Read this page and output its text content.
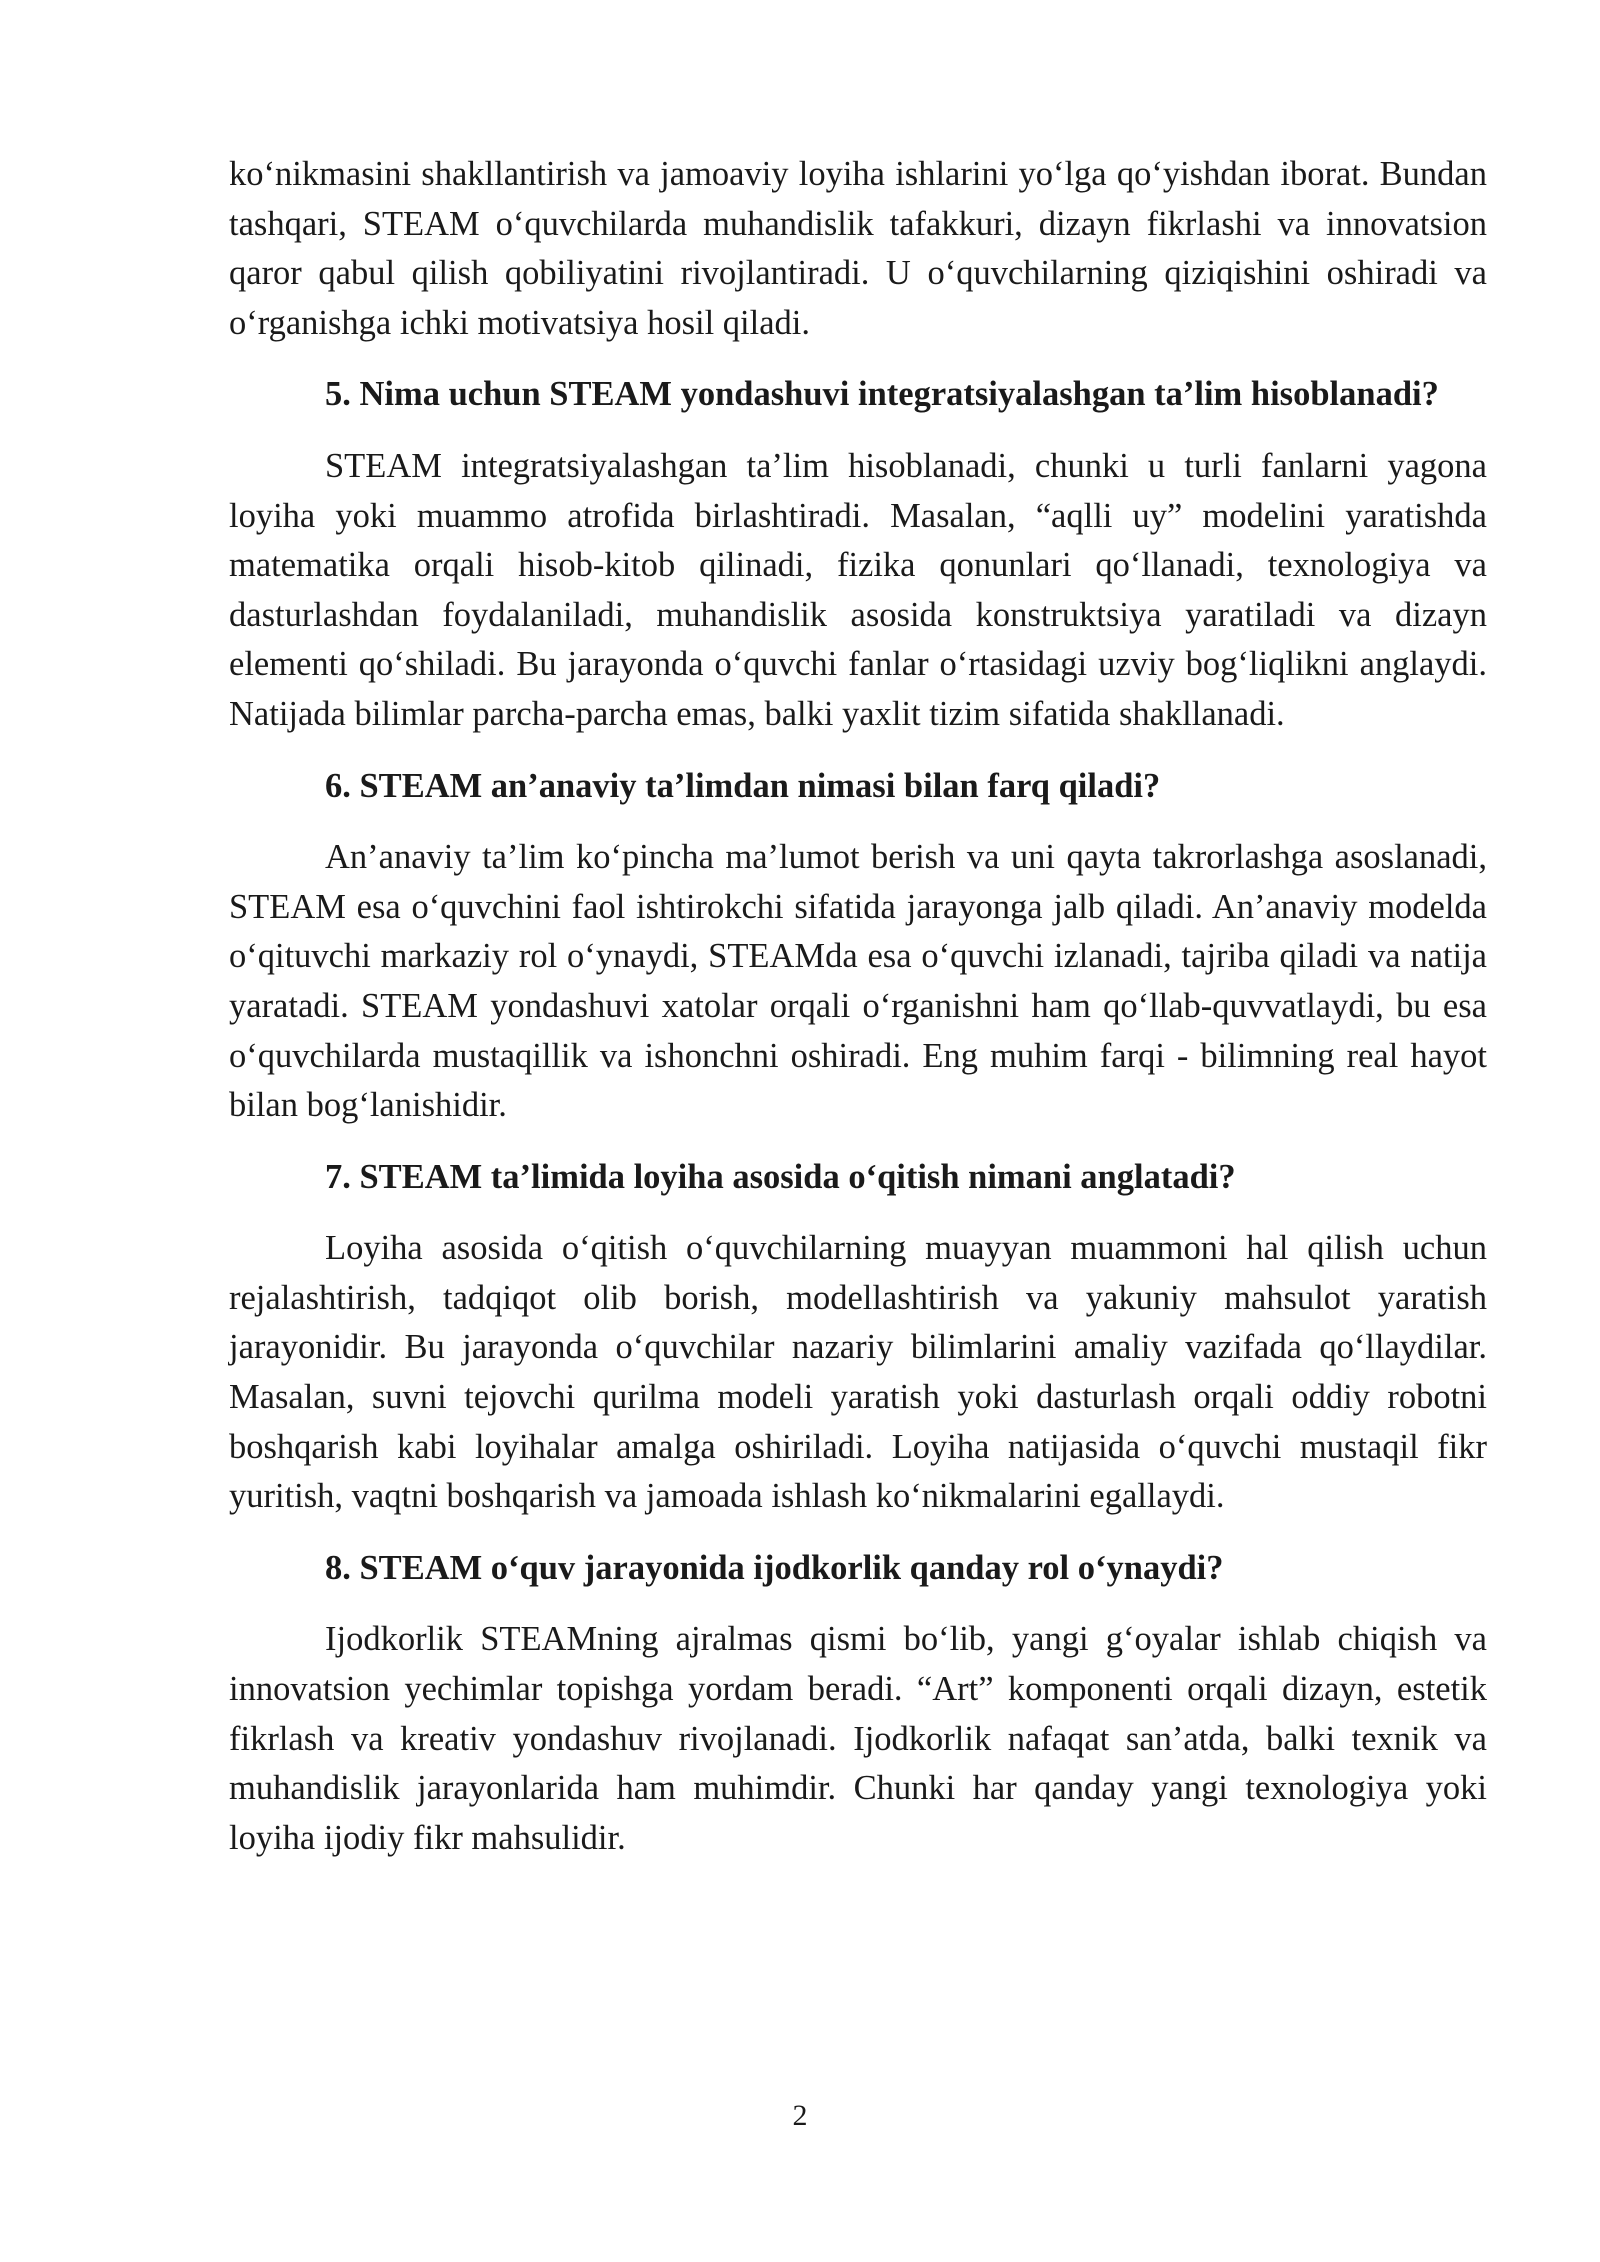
ko‘nikmasini shakllantirish va jamoaviy loyiha ishlarini yo‘lga qo‘yishdan iborat. Bundan tashqari, STEAM o‘quvchilarda muhandislik tafakkuri, dizayn fikrlashi va innovatsion qaror qabul qilish qobiliyatini rivojlantiradi. U o‘quvchilarning qiziqishini oshiradi va o‘rganishga ichki motivatsiya hosil qiladi.

5. Nima uchun STEAM yondashuvi integratsiyalashgan ta’lim hisoblanadi?

STEAM integratsiyalashgan ta’lim hisoblanadi, chunki u turli fanlarni yagona loyiha yoki muammo atrofida birlashtiradi. Masalan, “aqlli uy” modelini yaratishda matematika orqali hisob-kitob qilinadi, fizika qonunlari qo‘llanadi, texnologiya va dasturlashdan foydalaniladi, muhandislik asosida konstruktsiya yaratiladi va dizayn elementi qo‘shiladi. Bu jarayonda o‘quvchi fanlar o‘rtasidagi uzviy bog‘liqlikni anglaydi. Natijada bilimlar parcha-parcha emas, balki yaxlit tizim sifatida shakllanadi.

6. STEAM an’anaviy ta’limdan nimasi bilan farq qiladi?

An’anaviy ta’lim ko‘pincha ma’lumot berish va uni qayta takrorlashga asoslanadi, STEAM esa o‘quvchini faol ishtirokchi sifatida jarayonga jalb qiladi. An’anaviy modelda o‘qituvchi markaziy rol o‘ynaydi, STEAMda esa o‘quvchi izlanadi, tajriba qiladi va natija yaratadi. STEAM yondashuvi xatolar orqali o‘rganishni ham qo‘llab-quvvatlaydi, bu esa o‘quvchilarda mustaqillik va ishonchni oshiradi. Eng muhim farqi - bilimning real hayot bilan bog‘lanishidir.

7. STEAM ta’limida loyiha asosida o‘qitish nimani anglatadi?

Loyiha asosida o‘qitish o‘quvchilarning muayyan muammoni hal qilish uchun rejalashtirish, tadqiqot olib borish, modellashtirish va yakuniy mahsulot yaratish jarayonidir. Bu jarayonda o‘quvchilar nazariy bilimlarini amaliy vazifada qo‘llaydilar. Masalan, suvni tejovchi qurilma modeli yaratish yoki dasturlash orqali oddiy robotni boshqarish kabi loyihalar amalga oshiriladi. Loyiha natijasida o‘quvchi mustaqil fikr yuritish, vaqtni boshqarish va jamoada ishlash ko‘nikmalarini egallaydi.

8. STEAM o‘quv jarayonida ijodkorlik qanday rol o‘ynaydi?

Ijodkorlik STEAMning ajralmas qismi bo‘lib, yangi g‘oyalar ishlab chiqish va innovatsion yechimlar topishga yordam beradi. “Art” komponenti orqali dizayn, estetik fikrlash va kreativ yondashuv rivojlanadi. Ijodkorlik nafaqat san’atda, balki texnik va muhandislik jarayonlarida ham muhimdir. Chunki har qanday yangi texnologiya yoki loyiha ijodiy fikr mahsulidir.

2
